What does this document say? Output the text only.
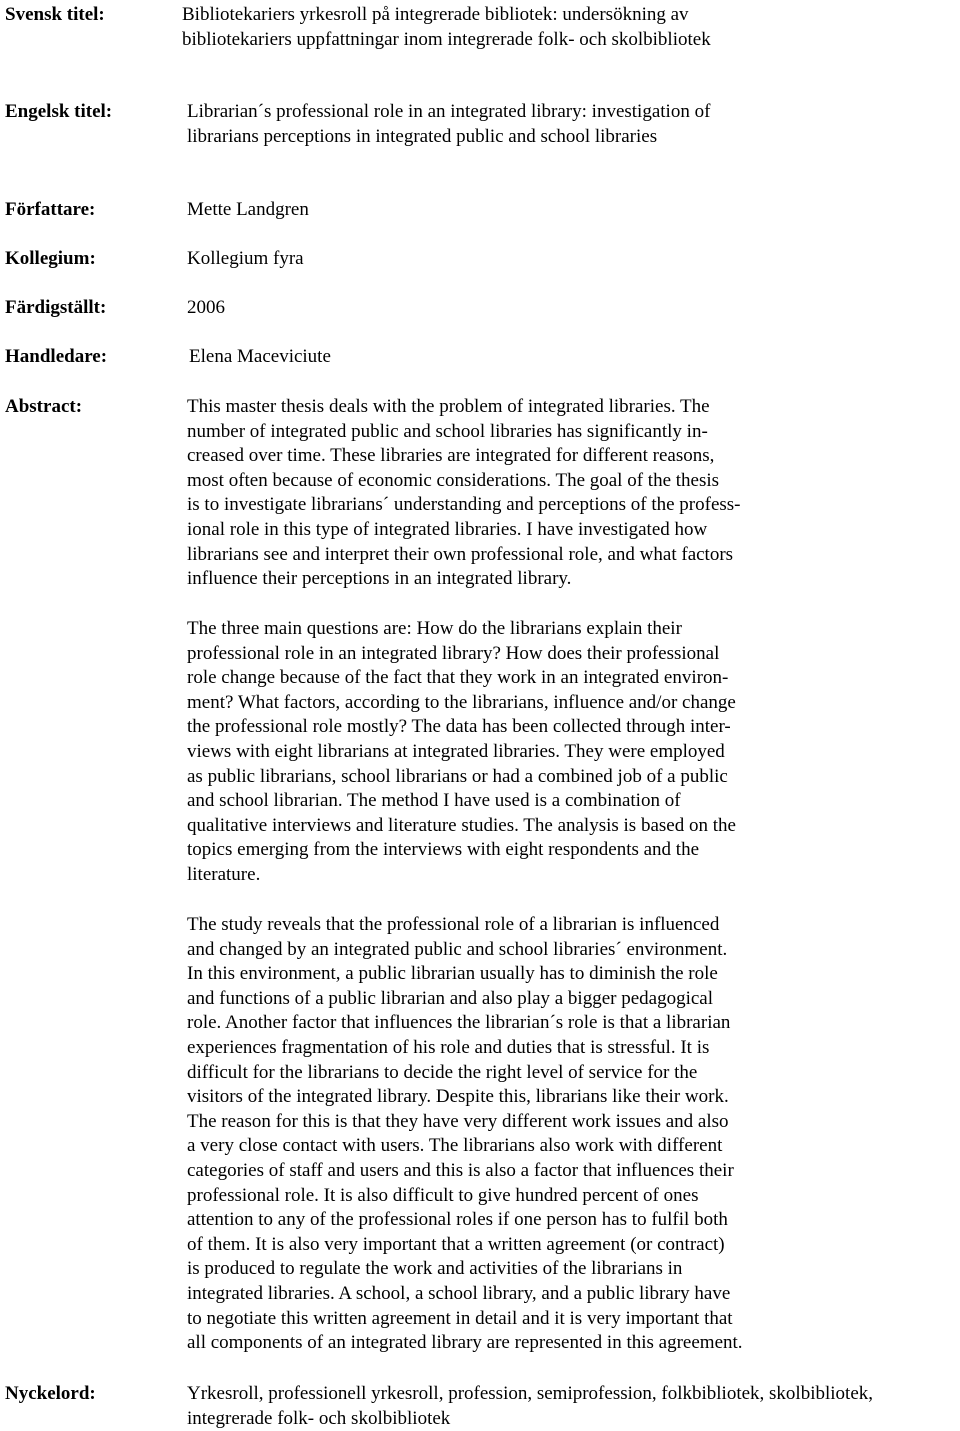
Svensk titel:	Bibliotekariers yrkesroll på integrerade bibliotek: undersökning av
bibliotekariers uppfattningar inom integrerade folk- och skolbibliotek
Engelsk titel:	Librarian´s professional role in an integrated library: investigation of
librarians perceptions in integrated public and school libraries
Författare:	Mette Landgren
Kollegium:	Kollegium fyra
Färdigställt:	2006
Handledare:	Elena Maceviciute
Abstract:	This master thesis deals with the problem of integrated libraries. The
number of integrated public and school libraries has significantly in-
creased over time. These libraries are integrated for different reasons,
most often because of economic considerations. The goal of the thesis
is to investigate librarians´ understanding and perceptions of the profess-
ional role in this type of integrated libraries. I have investigated how
librarians see and interpret their own professional role, and what factors
influence their perceptions in an integrated library.
The three main questions are: How do the librarians explain their
professional role in an integrated library? How does their professional
role change because of the fact that they work in an integrated environ-
ment? What factors, according to the librarians, influence and/or change
the professional role mostly? The data has been collected through inter-
views with eight librarians at integrated libraries. They were employed
as public librarians, school librarians or had a combined job of a public
and school librarian. The method I have used is a combination of
qualitative interviews and literature studies. The analysis is based on the
topics emerging from the interviews with eight respondents and the
literature.
The study reveals that the professional role of a librarian is influenced
and changed by an integrated public and school libraries´ environment.
In this environment, a public librarian usually has to diminish the role
and functions of a public librarian and also play a bigger pedagogical
role. Another factor that influences the librarian´s role is that a librarian
experiences fragmentation of his role and duties that is stressful. It is
difficult for the librarians to decide the right level of service for the
visitors of the integrated library. Despite this, librarians like their work.
The reason for this is that they have very different work issues and also
a very close contact with users. The librarians also work with different
categories of staff and users and this is also a factor that influences their
professional role. It is also difficult to give hundred percent of ones
attention to any of the professional roles if one person has to fulfil both
of them. It is also very important that a written agreement (or contract)
is produced to regulate the work and activities of the librarians in
integrated libraries. A school, a school library, and a public library have
to negotiate this written agreement in detail and it is very important that
all components of an integrated library are represented in this agreement.
Nyckelord:	Yrkesroll, professionell yrkesroll, profession, semiprofession, folkbibliotek, skolbibliotek,
integrerade folk- och skolbibliotek
